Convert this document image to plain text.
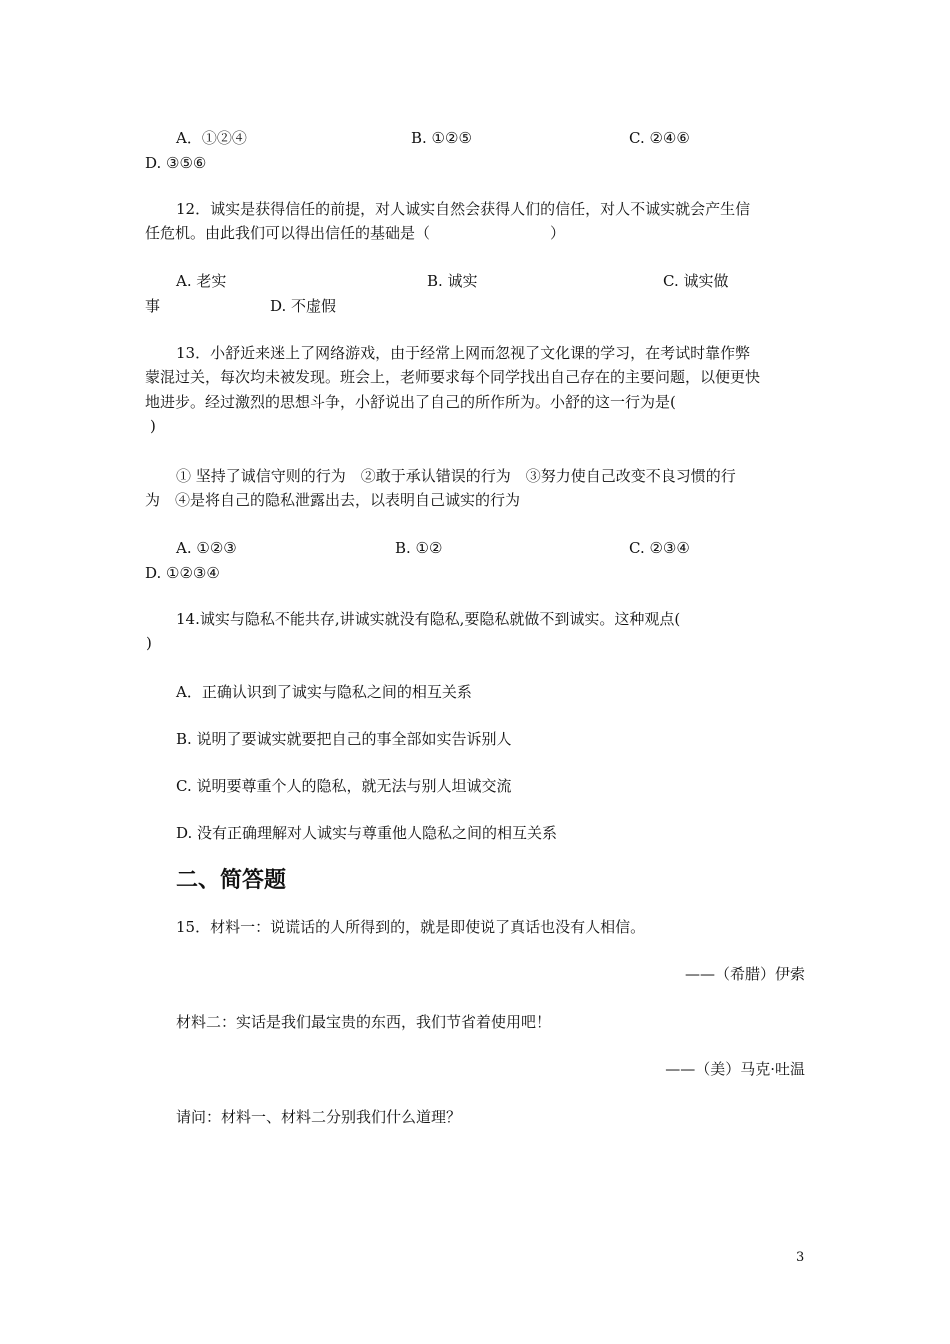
A．①②④	B. ①②⑤	C. ②④⑥
D. ③⑤⑥
12．诚实是获得信任的前提，对人诚实自然会获得人们的信任，对人不诚实就会产生信
任危机。由此我们可以得出信任的基础是（　　　　　　　　）
A. 老实	B. 诚实	C. 诚实做
事	D. 不虚假
13．小舒近来迷上了网络游戏，由于经常上网而忽视了文化课的学习，在考试时靠作弊
蒙混过关，每次均未被发现。班会上，老师要求每个同学找出自己存在的主要问题，以便更快
地进步。经过激烈的思想斗争，小舒说出了自己的所作所为。小舒的这一行为是(
)
① 坚持了诚信守则的行为　②敢于承认错误的行为　③努力使自己改变不良习惯的行
为　④是将自己的隐私泄露出去，以表明自己诚实的行为
A. ①②③	B. ①②	C. ②③④
D. ①②③④
14.诚实与隐私不能共存,讲诚实就没有隐私,要隐私就做不到诚实。这种观点(
)
A．正确认识到了诚实与隐私之间的相互关系
B. 说明了要诚实就要把自己的事全部如实告诉别人
C. 说明要尊重个人的隐私，就无法与别人坦诚交流
D. 没有正确理解对人诚实与尊重他人隐私之间的相互关系
二、简答题
15．材料一：说谎话的人所得到的，就是即使说了真话也没有人相信。
——（希腊）伊索
材料二：实话是我们最宝贵的东西，我们节省着使用吧！
——（美）马克·吐温
请问：材料一、材料二分别我们什么道理？
3
